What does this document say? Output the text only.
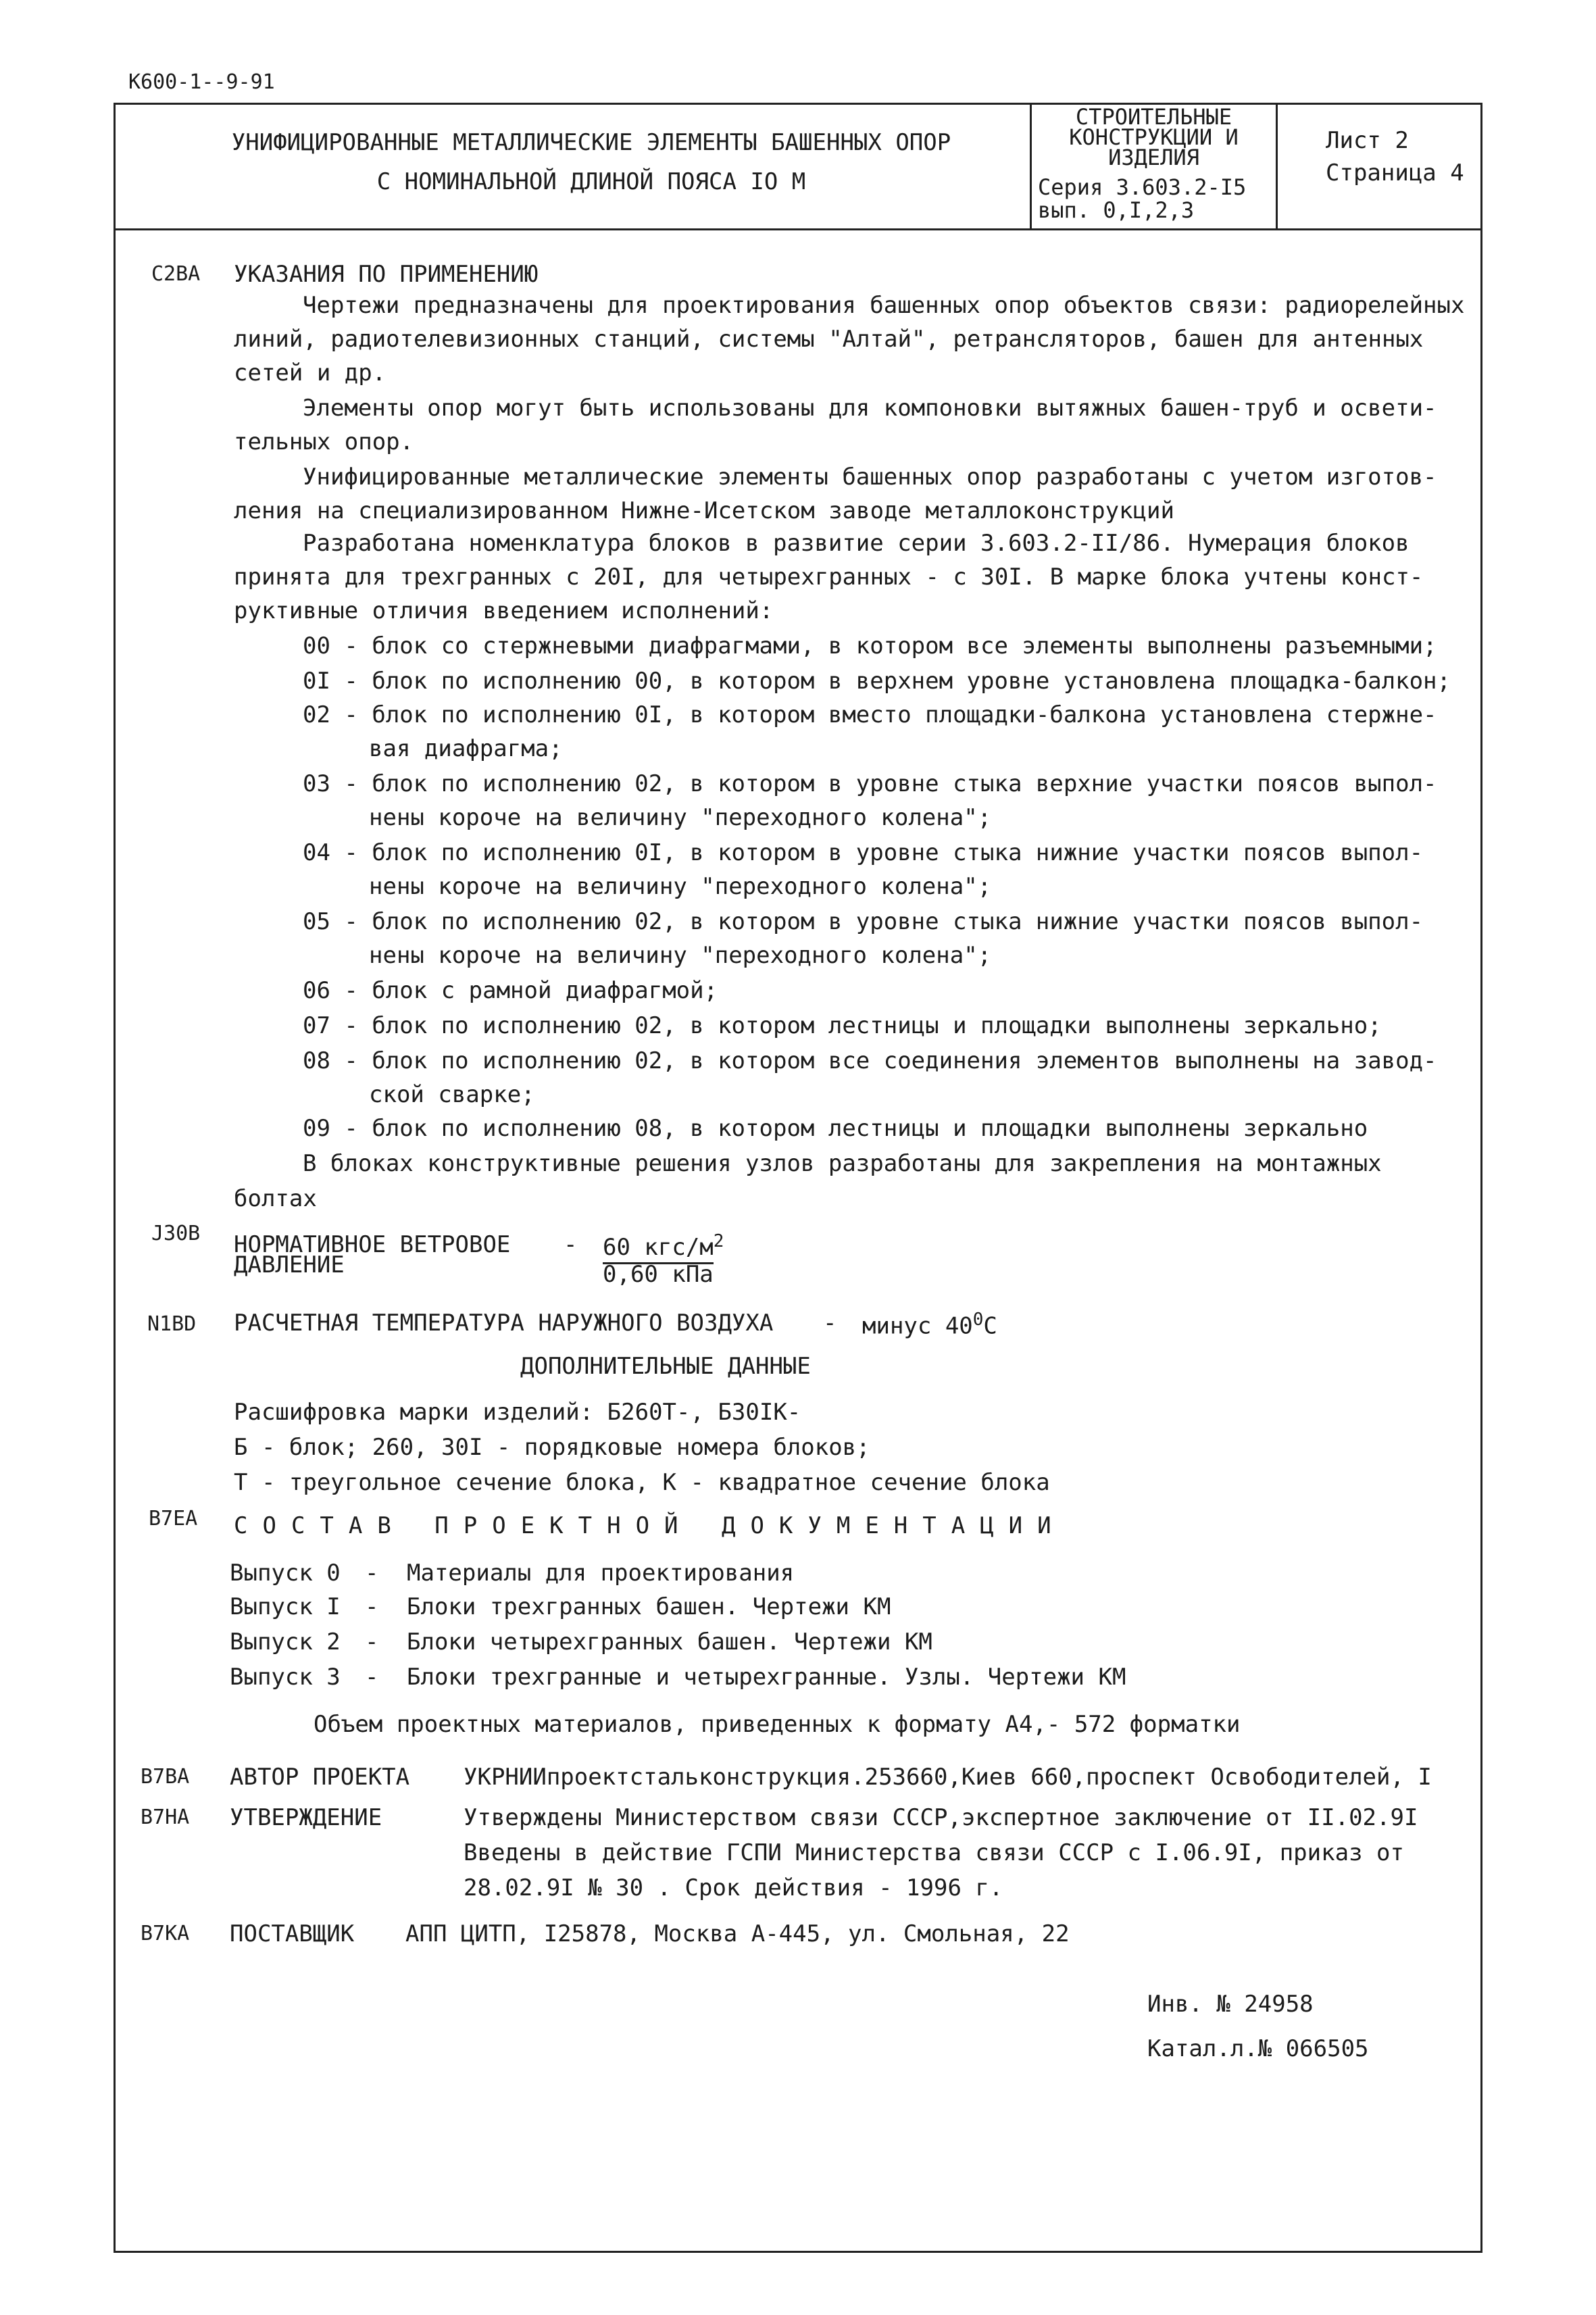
К600-1--9-91
УНИФИЦИРОВАННЫЕ МЕТАЛЛИЧЕСКИЕ ЭЛЕМЕНТЫ БАШЕННЫХ ОПОР
С НОМИНАЛЬНОЙ ДЛИНОЙ ПОЯСА IO M
СТРОИТЕЛЬНЫЕ
КОНСТРУКЦИИ И
ИЗДЕЛИЯ
Серия 3.603.2-I5
вып. 0,I,2,3
Лист 2
Страница 4
C2BA УКАЗАНИЯ ПО ПРИМЕНЕНИЮ
Чертежи предназначены для проектирования башенных опор объектов связи: радиорелейных
линий, радиотелевизионных станций, системы "Алтай", ретрансляторов, башен для антенных
сетей и др.
Элементы опор могут быть использованы для компоновки вытяжных башен-труб и освети-
тельных опор.
Унифицированные металлические элементы башенных опор разработаны с учетом изготов-
ления на специализированном Нижне-Исетском заводе металлоконструкций
Разработана номенклатура блоков в развитие серии 3.603.2-II/86. Нумерация блоков
принята для трехгранных с 20I, для четырехгранных - с 30I. В марке блока учтены конст-
руктивные отличия введением исполнений:
00 - блок со стержневыми диафрагмами, в котором все элементы выполнены разъемными;
0I - блок по исполнению 00, в котором в верхнем уровне установлена площадка-балкон;
02 - блок по исполнению 0I, в котором вместо площадки-балкона установлена стержне-
вая диафрагма;
03 - блок по исполнению 02, в котором в уровне стыка верхние участки поясов выпол-
нены короче на величину "переходного колена";
04 - блок по исполнению 0I, в котором в уровне стыка нижние участки поясов выпол-
нены короче на величину "переходного колена";
05 - блок по исполнению 02, в котором в уровне стыка нижние участки поясов выпол-
нены короче на величину "переходного колена";
06 - блок с рамной диафрагмой;
07 - блок по исполнению 02, в котором лестницы и площадки выполнены зеркально;
08 - блок по исполнению 02, в котором все соединения элементов выполнены на завод-
ской сварке;
09 - блок по исполнению 08, в котором лестницы и площадки выполнены зеркально
В блоках конструктивные решения узлов разработаны для закрепления на монтажных
болтах
J30B НОРМАТИВНОЕ ВЕТРОВОЕ
ДАВЛЕНИЕ
- 60 кгс/$м^2$
0,60 кПа
N1BD РАСЧЕТНАЯ ТЕМПЕРАТУРА НАРУЖНОГО ВОЗДУХА - минус $40^0С$
ДОПОЛНИТЕЛЬНЫЕ ДАННЫЕ
Расшифровка марки изделий: Б260Т-, Б30IК-
Б - блок; 260, 30I - порядковые номера блоков;
Т - треугольное сечение блока, К - квадратное сечение блока
B7EA СОСТАВ ПРОЕКТНОЙ ДОКУМЕНТАЦИИ
Выпуск 0 - Материалы для проектирования
Выпуск I - Блоки трехгранных башен. Чертежи КМ
Выпуск 2 - Блоки четырехгранных башен. Чертежи КМ
Выпуск 3 - Блоки трехгранные и четырехгранные. Узлы. Чертежи КМ
Объем проектных материалов, приведенных к формату А4,- 572 форматки
B7BA АВТОР ПРОЕКТА УКРНИИпроектстальконструкция.253660,Киев 660,проспект Освободителей, I
B7HA УТВЕРЖДЕНИЕ	Утверждены Министерством связи СССР,экспертное заключение от II.02.9I
Введены в действие ГСПИ Министерства связи СССР с I.06.9I, приказ от
28.02.9I № 30 . Срок действия - 1996 г.
B7KA ПОСТАВЩИК АПП ЦИТП, I25878, Москва А-445, ул. Смольная, 22
Инв. № 24958
Катал.л.№ 066505
